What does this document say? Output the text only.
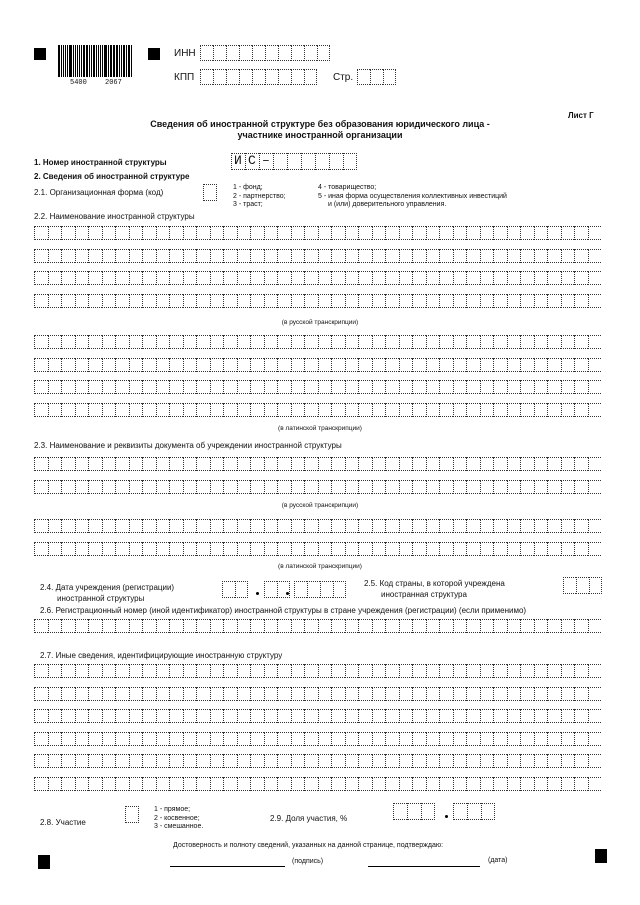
5400	2067
ИНН
КПП	Стр.
Лист Г
Сведения об иностранной структуре без образования юридического лица -
участнике иностранной организации
1. Номер иностранной структуры	И С –
2. Сведения об иностранной структуре
2.1. Организационная форма (код)
1 - фонд;
2 - партнерство;
3 - траст;
4 - товарищество;
5 - иная форма осуществления коллективных инвестиций
и (или) доверительного управления.
2.2. Наименование иностранной структуры
(в русской транскрипции)
(в латинской транскрипции)
2.3. Наименование и реквизиты документа об учреждении иностранной структуры
(в русской транскрипции)
(в латинской транскрипции)
2.4. Дата учреждения (регистрации)
иностранной структуры
2.5. Код страны, в которой учреждена
иностранная структура
2.6. Регистрационный номер (иной идентификатор) иностранной структуры в стране учреждения (регистрации) (если применимо)
2.7. Иные сведения, идентифицирующие иностранную структуру
2.8. Участие
1 - прямое;
2 - косвенное;
3 - смешанное.
2.9. Доля участия, %
Достоверность и полноту сведений, указанных на данной странице, подтверждаю:
(подпись)	(дата)
